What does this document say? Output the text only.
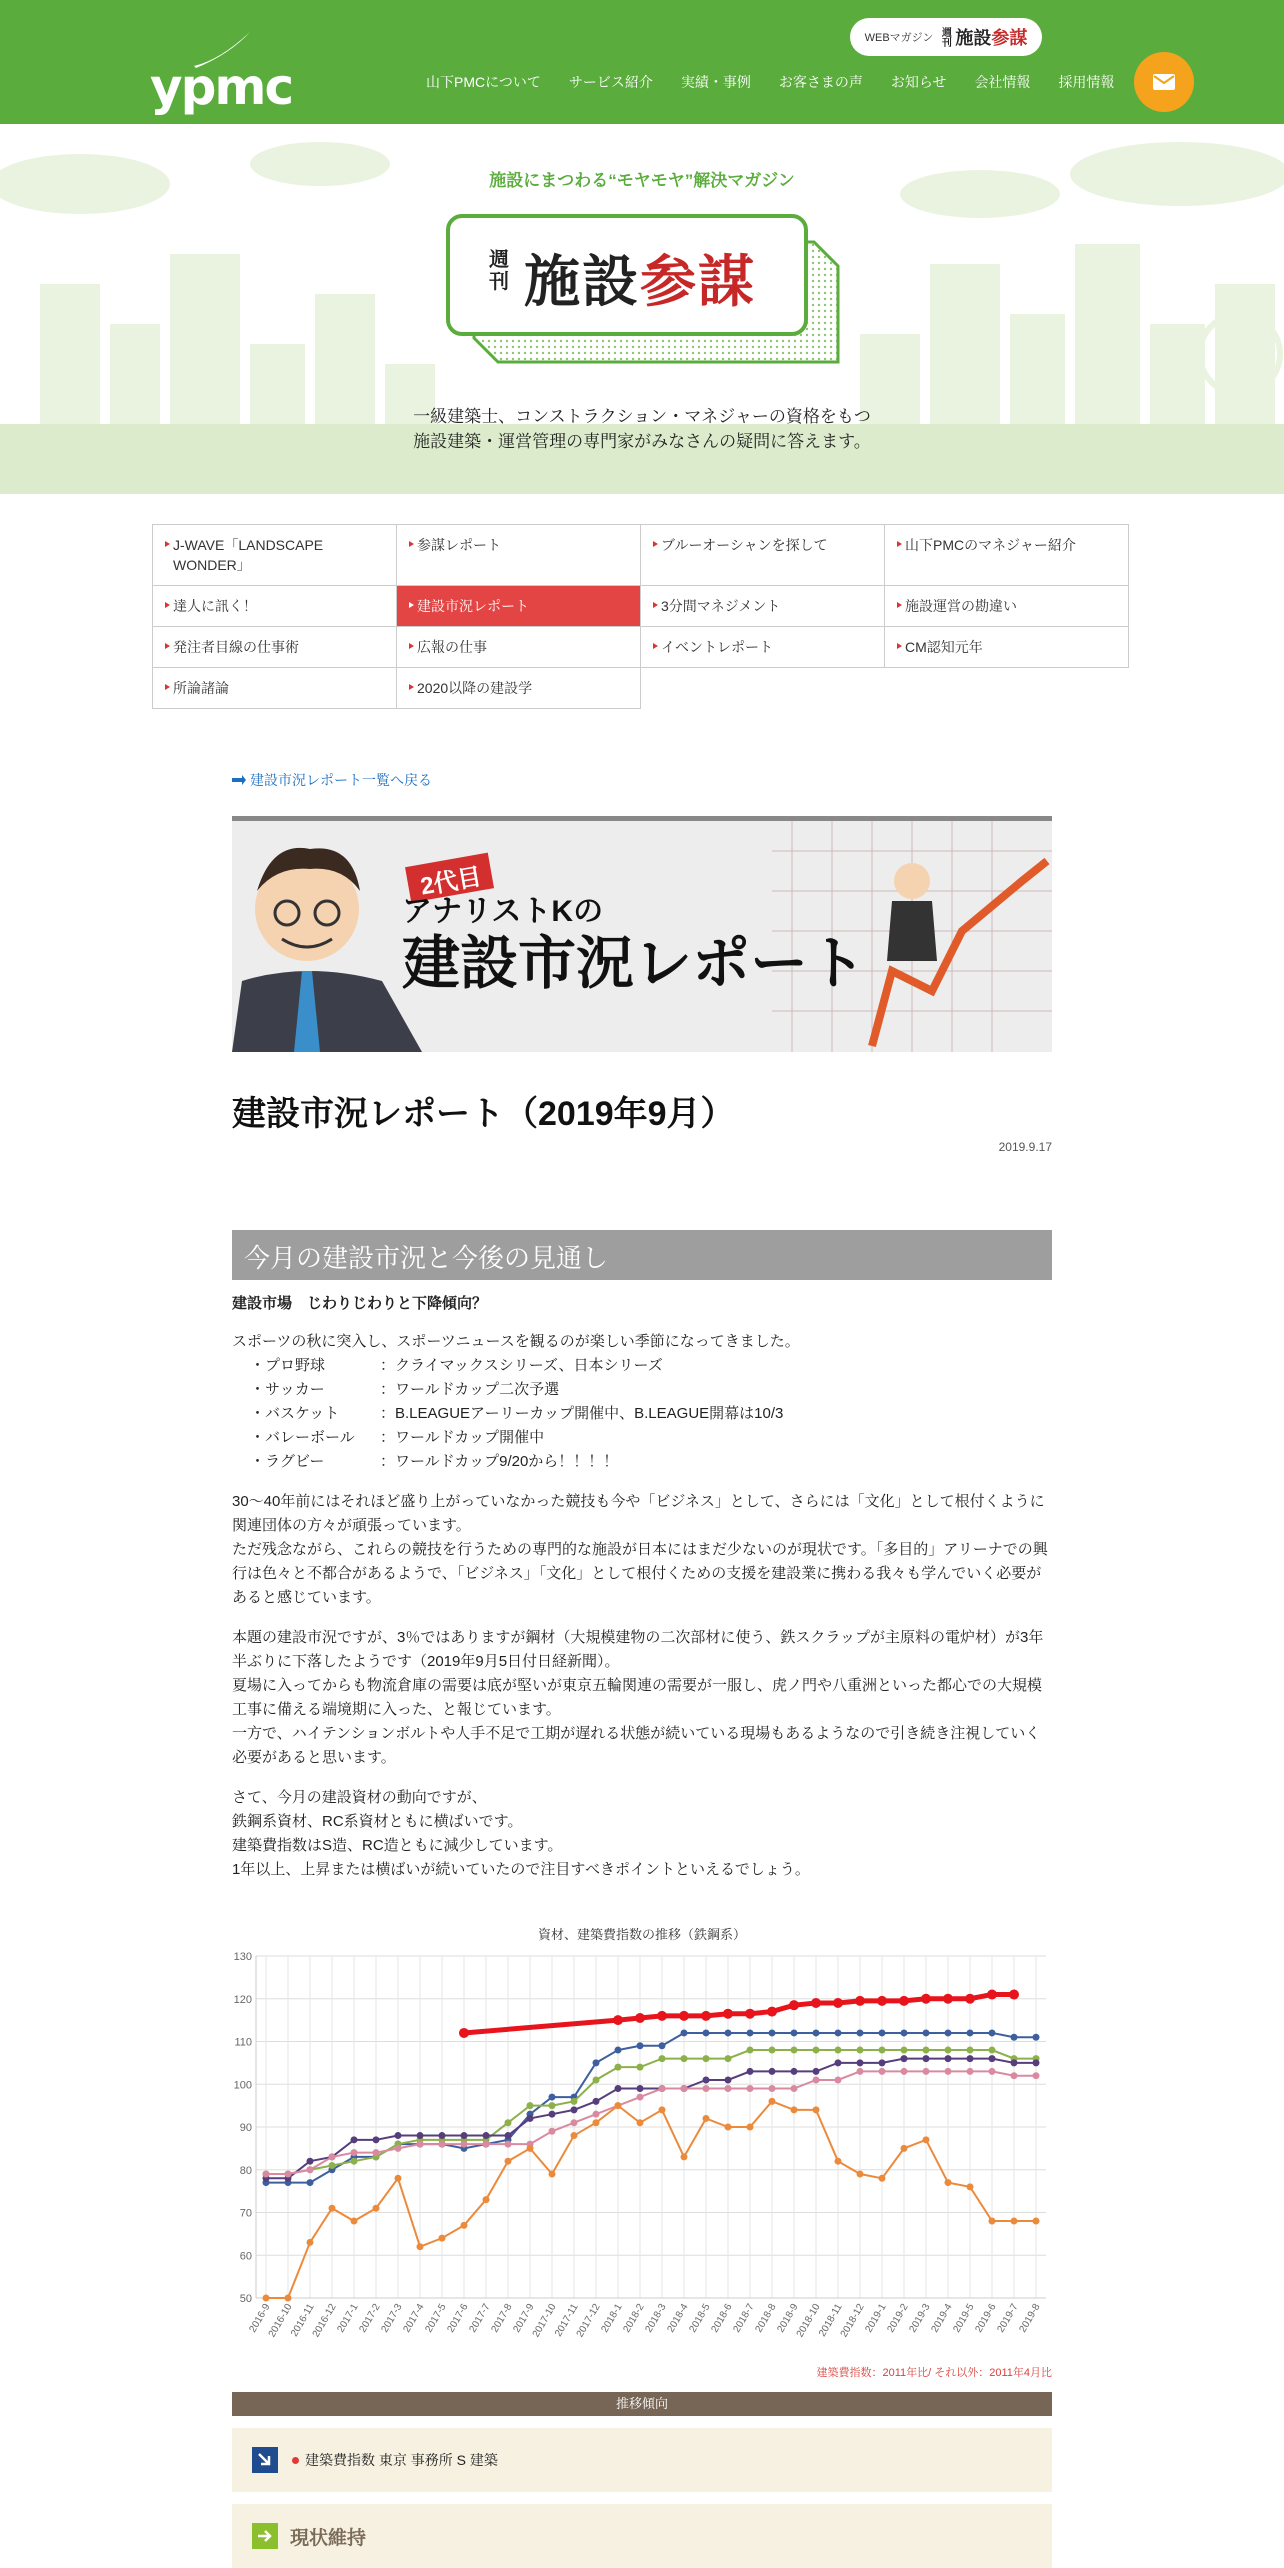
ypmc
WEBマガジン 週刊 施設参謀
山下PMCについて	サービス紹介	実績・事例	お客さまの声	お知らせ	会社情報	採用情報
施設にまつわる“モヤモヤ”解決マガジン
週
刊 施設参謀
一級建築士、コンストラクション・マネジャーの資格をもつ
施設建築・運営管理の専門家がみなさんの疑問に答えます。
J-WAVE「LANDSCAPE WONDER」
参謀レポート	ブルーオーシャンを探して	山下PMCのマネジャー紹介
達人に訊く！	建設市況レポート	3分間マネジメント	施設運営の勘違い
発注者目線の仕事術	広報の仕事	イベントレポート	CM認知元年
所論諸論	2020以降の建設学
建設市況レポート一覧へ戻る
2代目
アナリストKの
建設市況レポート
建設市況レポート（2019年9月）
2019.9.17
今月の建設市況と今後の見通し
建設市場　じわりじわりと下降傾向？

スポーツの秋に突入し、スポーツニュースを観るのが楽しい季節になってきました。

・プロ野球	：クライマックスシリーズ、日本シリーズ
・サッカー	：ワールドカップ二次予選
・バスケット	：B.LEAGUEアーリーカップ開催中、B.LEAGUE開幕は10/3
・バレーボール	：ワールドカップ開催中
・ラグビー	：ワールドカップ9/20から！！！！

30～40年前にはそれほど盛り上がっていなかった競技も今や「ビジネス」として、さらには「文化」として根付くように関連団体の方々が頑張っています。
ただ残念ながら、これらの競技を行うための専門的な施設が日本にはまだ少ないのが現状です。「多目的」アリーナでの興行は色々と不都合があるようで、「ビジネス」「文化」として根付くための支援を建設業に携わる我々も学んでいく必要があると感じています。

本題の建設市況ですが、3％ではありますが鋼材（大規模建物の二次部材に使う、鉄スクラップが主原料の電炉材）が3年半ぶりに下落したようです（2019年9月5日付日経新聞）。
夏場に入ってからも物流倉庫の需要は底が堅いが東京五輪関連の需要が一服し、虎ノ門や八重洲といった都心での大規模工事に備える端境期に入った、と報じています。
一方で、ハイテンションボルトや人手不足で工期が遅れる状態が続いている現場もあるようなので引き続き注視していく必要があると思います。

さて、今月の建設資材の動向ですが、
鉄鋼系資材、RC系資材ともに横ばいです。
建築費指数はS造、RC造ともに減少しています。
1年以上、上昇または横ばいが続いていたので注目すべきポイントといえるでしょう。

資材、建築費指数の推移（鉄鋼系）
50
60
70
80
90
100
110
120
130
2016-9
2016-10
2016-11
2016-12
2017-1
2017-2
2017-3
2017-4
2017-5
2017-6
2017-7
2017-8
2017-9
2017-10
2017-11
2017-12
2018-1
2018-2
2018-3
2018-4
2018-5
2018-6
2018-7
2018-8
2018-9
2018-10
2018-11
2018-12
2019-1
2019-2
2019-3
2019-4
2019-5
2019-6
2019-7
2019-8
建築費指数：2011年比/ それ以外：2011年4月比
推移傾向
建築費指数 東京 事務所 S 建築
現状維持
